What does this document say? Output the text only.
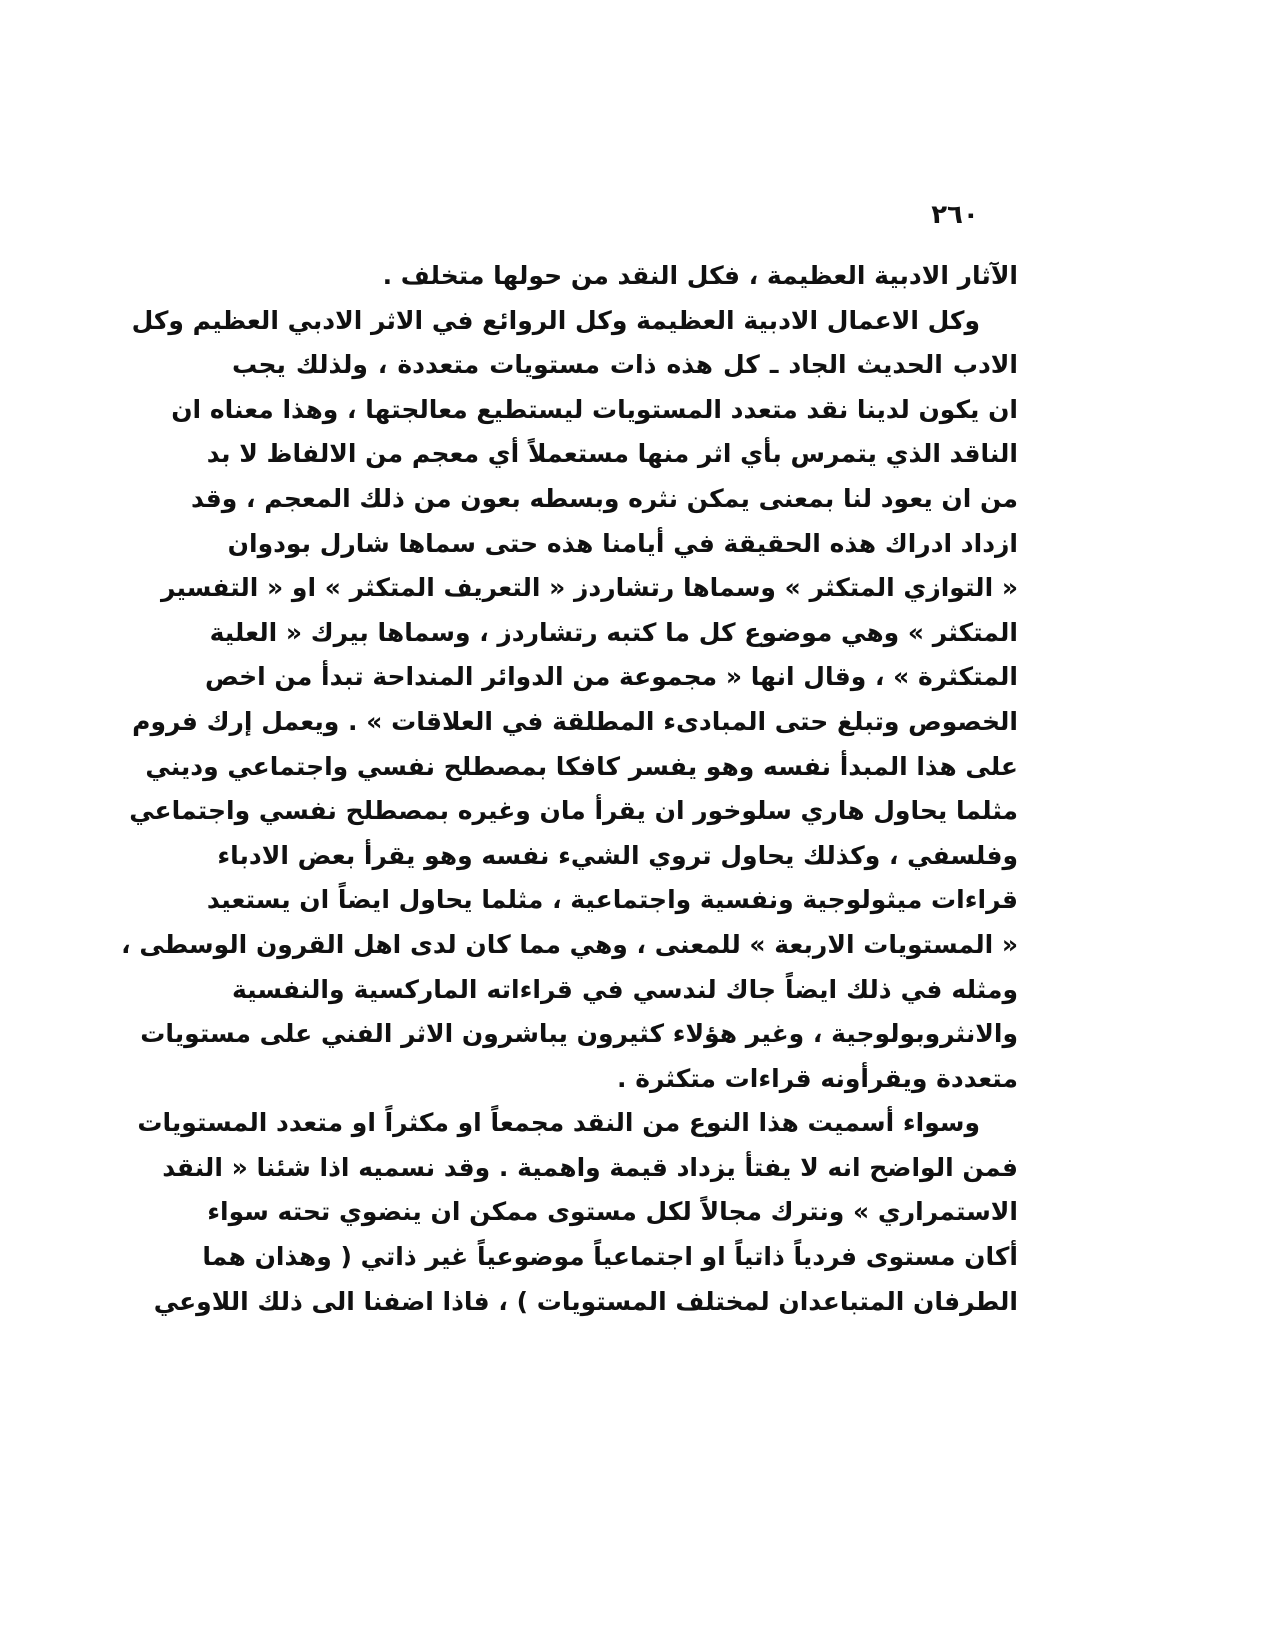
٢٦٠
الآثار الادبية العظيمة ، فكل النقد من حولها متخلف .
وكل الاعمال الادبية العظيمة وكل الروائع في الاثر الادبي العظيم وكل
الادب الحديث الجاد ـ كل هذه ذات مستويات متعددة ، ولذلك يجب
ان يكون لدينا نقد متعدد المستويات ليستطيع معالجتها ، وهذا معناه ان
الناقد الذي يتمرس بأي اثر منها مستعملاً أي معجم من الالفاظ لا بد
من ان يعود لنا بمعنى يمكن نثره وبسطه بعون من ذلك المعجم ، وقد
ازداد ادراك هذه الحقيقة في أيامنا هذه حتى سماها شارل بودوان
« التوازي المتكثر » وسماها رتشاردز « التعريف المتكثر » او « التفسير
المتكثر » وهي موضوع كل ما كتبه رتشاردز ، وسماها بيرك « العلية
المتكثرة » ، وقال انها « مجموعة من الدوائر المنداحة تبدأ من اخص
الخصوص وتبلغ حتى المبادىء المطلقة في العلاقات » . ويعمل إرك فروم
على هذا المبدأ نفسه وهو يفسر كافكا بمصطلح نفسي واجتماعي وديني
مثلما يحاول هاري سلوخور ان يقرأ مان وغيره بمصطلح نفسي واجتماعي
وفلسفي ، وكذلك يحاول تروي الشيء نفسه وهو يقرأ بعض الادباء
قراءات ميثولوجية ونفسية واجتماعية ، مثلما يحاول ايضاً ان يستعيد
« المستويات الاربعة » للمعنى ، وهي مما كان لدى اهل القرون الوسطى ،
ومثله في ذلك ايضاً جاك لندسي في قراءاته الماركسية والنفسية
والانثروبولوجية ، وغير هؤلاء كثيرون يباشرون الاثر الفني على مستويات
متعددة ويقرأونه قراءات متكثرة .
وسواء أسميت هذا النوع من النقد مجمعاً او مكثراً او متعدد المستويات
فمن الواضح انه لا يفتأ يزداد قيمة واهمية . وقد نسميه اذا شئنا « النقد
الاستمراري » ونترك مجالاً لكل مستوى ممكن ان ينضوي تحته سواء
أكان مستوى فردياً ذاتياً او اجتماعياً موضوعياً غير ذاتي ( وهذان هما
الطرفان المتباعدان لمختلف المستويات ) ، فاذا اضفنا الى ذلك اللاوعي
